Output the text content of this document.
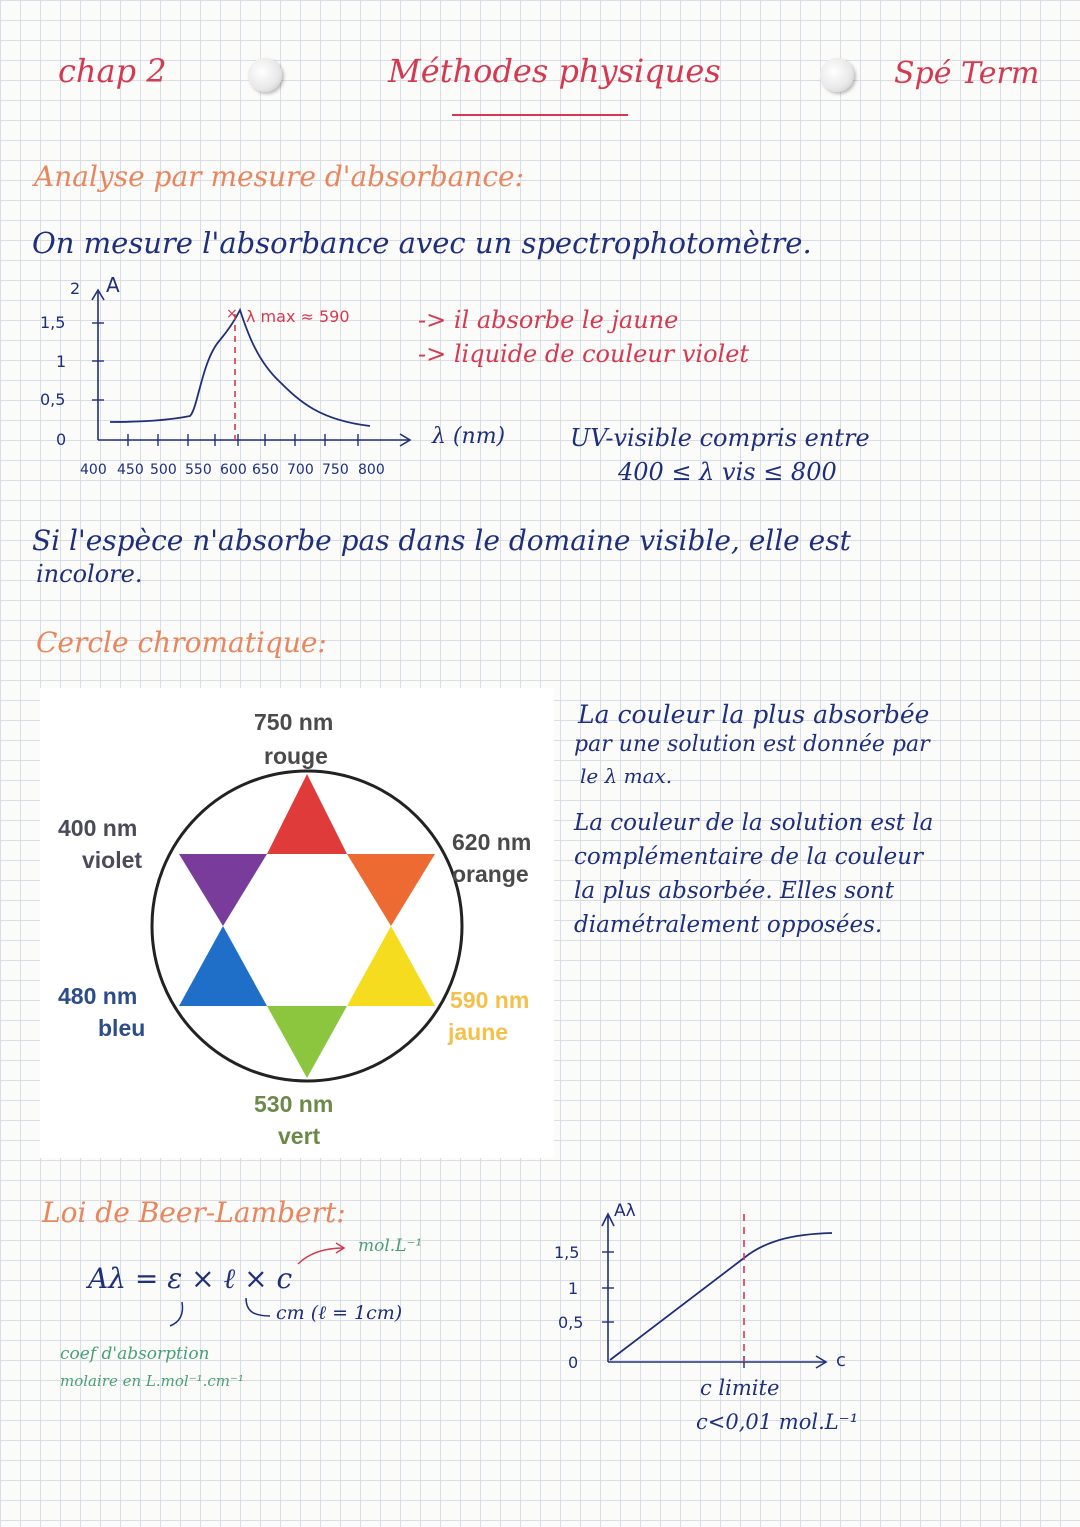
chap 2	Méthodes physiques	Spé Term
Analyse par mesure d'absorbance:
On mesure l'absorbance avec un spectrophotomètre.
2
1,5
1
0,5
0
A
× λ max ≈ 590
400 450 500 550 600 650 700 750 800
λ (nm)
-> il absorbe le jaune
-> liquide de couleur violet
UV-visible compris entre
400 ≤ λ vis ≤ 800
Si l'espèce n'absorbe pas dans le domaine visible, elle est
incolore.
Cercle chromatique:
750 nm
rouge
620 nm
orange
590 nm
jaune
530 nm
vert
480 nm
bleu
400 nm
violet
La couleur la plus absorbée
par une solution est donnée par
le λ max.
La couleur de la solution est la
complémentaire de la couleur
la plus absorbée. Elles sont
diamétralement opposées.
Loi de Beer-Lambert:
Aλ = ε × ℓ × c
mol.L⁻¹
cm (ℓ = 1cm)
coef d'absorption
molaire en L.mol⁻¹.cm⁻¹
1,5
1
0,5
0
Aλ
c
c limite
c<0,01 mol.L⁻¹
